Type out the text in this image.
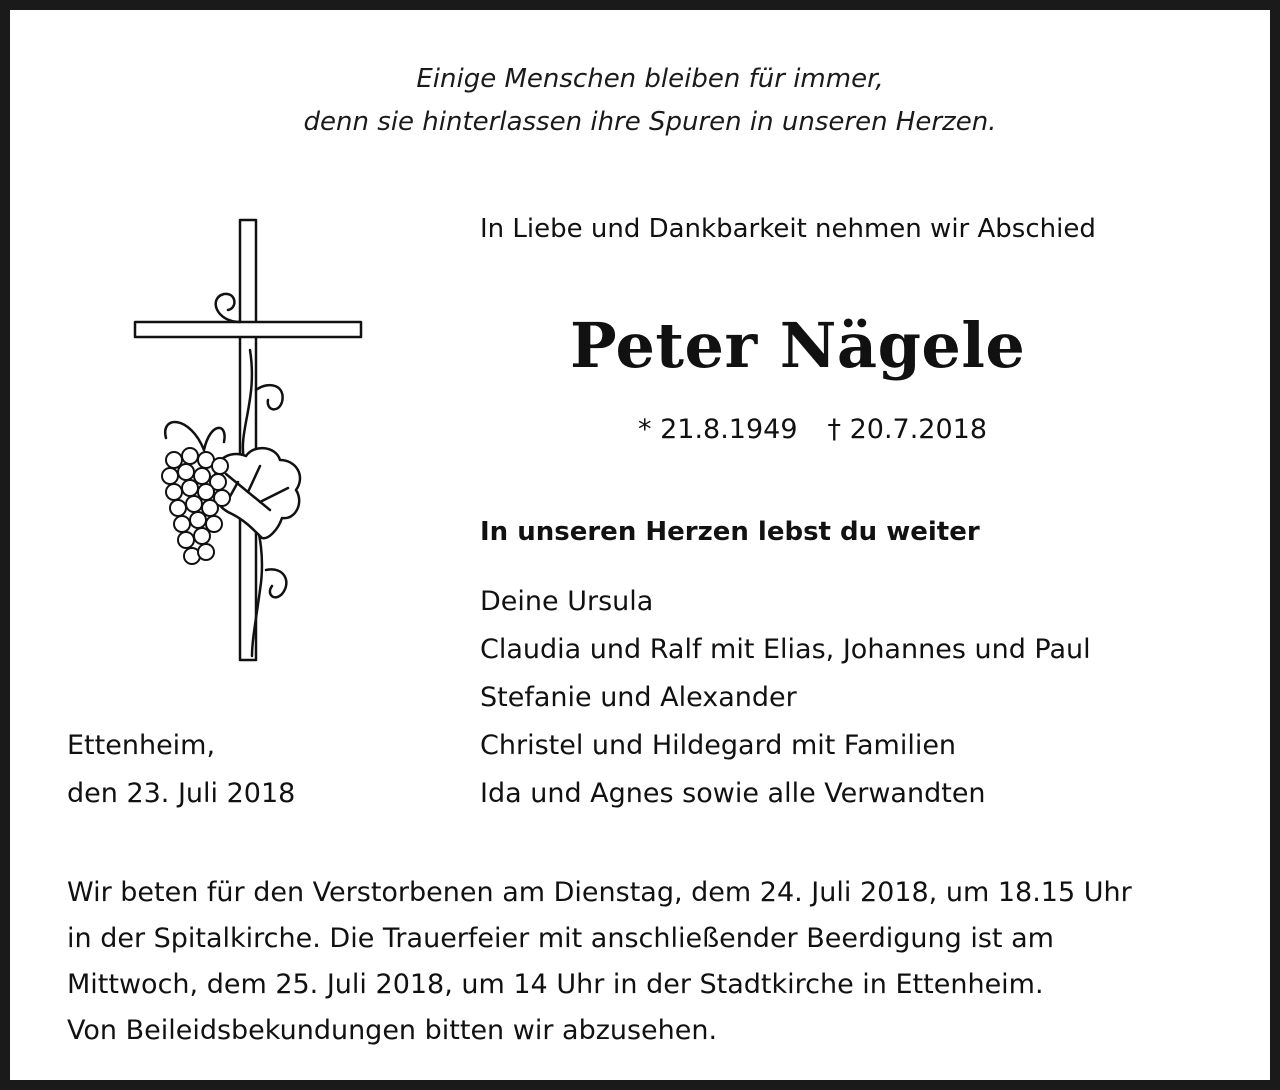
Einige Menschen bleiben für immer,
denn sie hinterlassen ihre Spuren in unseren Herzen.
In Liebe und Dankbarkeit nehmen wir Abschied
Peter Nägele
* 21.8.1949 † 20.7.2018
In unseren Herzen lebst du weiter
Deine Ursula
Claudia und Ralf mit Elias, Johannes und Paul
Stefanie und Alexander
Christel und Hildegard mit Familien
Ida und Agnes sowie alle Verwandten
Ettenheim,
den 23. Juli 2018
Wir beten für den Verstorbenen am Dienstag, dem 24. Juli 2018, um 18.15 Uhr
in der Spitalkirche. Die Trauerfeier mit anschließender Beerdigung ist am
Mittwoch, dem 25. Juli 2018, um 14 Uhr in der Stadtkirche in Ettenheim.
Von Beileidsbekundungen bitten wir abzusehen.
